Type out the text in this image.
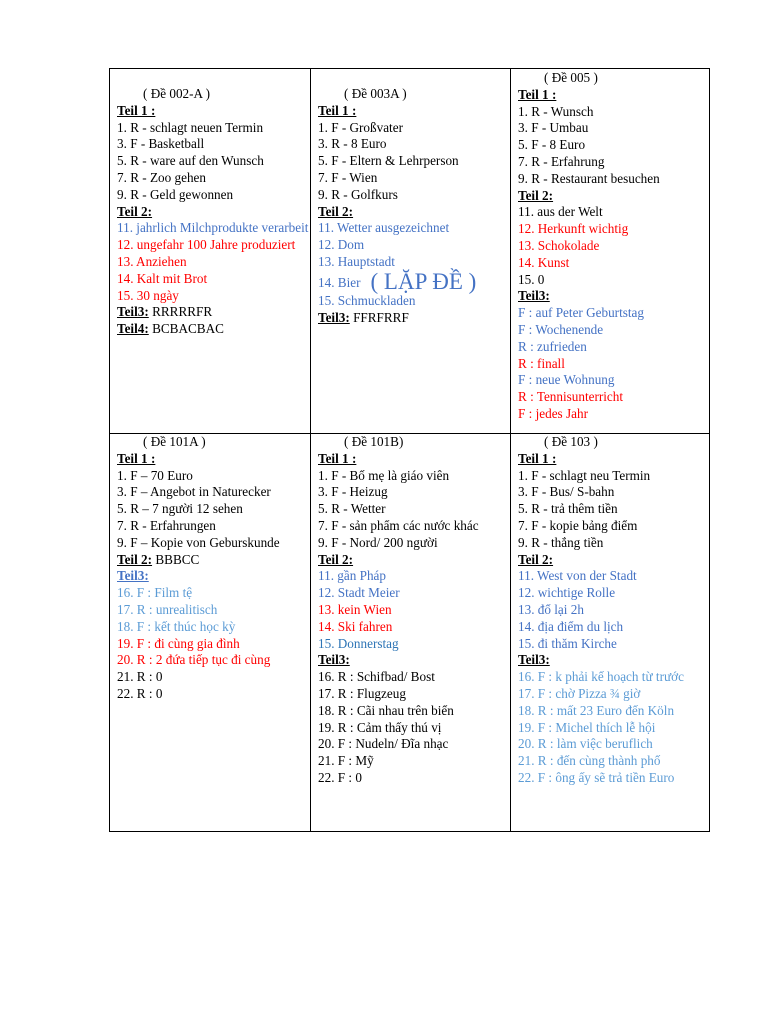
( Đề 002-A )
Teil 1 :
1. R - schlagt neuen Termin
3. F - Basketball
5. R - ware auf den Wunsch
7. R - Zoo gehen
9. R - Geld gewonnen
Teil 2:
11. jahrlich Milchprodukte verarbeit
12. ungefahr 100 Jahre produziert
13. Anziehen
14. Kalt mit Brot
15. 30 ngày
Teil3: RRRRRFR
Teil4: BCBACBAC
( Đề 003A )
Teil 1 :
1. F - Großvater
3. R - 8 Euro
5. F - Eltern & Lehrperson
7. F - Wien
9. R - Golfkurs
Teil 2:
11. Wetter ausgezeichnet
12. Dom
13. Hauptstadt
14. Bier ( LẶP ĐỀ )
15. Schmuckladen
Teil3: FFRFRRF
( Đề 005 )
Teil 1 :
1. R - Wunsch
3. F - Umbau
5. F - 8 Euro
7. R - Erfahrung
9. R - Restaurant besuchen
Teil 2:
11. aus der Welt
12. Herkunft wichtig
13. Schokolade
14. Kunst
15. 0
Teil3:
F : auf Peter Geburtstag
F : Wochenende
R : zufrieden
R : finall
F : neue Wohnung
R : Tennisunterricht
F : jedes Jahr
( Đề 101A )
Teil 1 :
1. F – 70 Euro
3. F – Angebot in Naturecker
5. R – 7 người 12 sehen
7. R - Erfahrungen
9. F – Kopie von Geburskunde
Teil 2: BBBCC
Teil3:
16. F : Film tệ
17. R : unrealitisch
18. F : kết thúc học kỳ
19. F : đi cùng gia đình
20. R : 2 đứa tiếp tục đi cùng
21. R : 0
22. R : 0
( Đề 101B)
Teil 1 :
1. F - Bố mẹ là giáo viên
3. F - Heizug
5. R - Wetter
7. F - sản phẩm các nước khác
9. F - Nord/ 200 người
Teil 2:
11. gần Pháp
12. Stadt Meier
13. kein Wien
14. Ski fahren
15. Donnerstag
Teil3:
16. R : Schifbad/ Bost
17. R : Flugzeug
18. R : Cãi nhau trên biển
19. R : Cảm thấy thú vị
20. F : Nudeln/ Đĩa nhạc
21. F : Mỹ
22. F : 0
( Đề 103 )
Teil 1 :
1. F - schlagt neu Termin
3. F - Bus/ S-bahn
5. R - trả thêm tiền
7. F - kopie bảng điểm
9. R - thắng tiền
Teil 2:
11. West von der Stadt
12. wichtige Rolle
13. đổ lại 2h
14. địa điểm du lịch
15. đi thăm Kirche
Teil3:
16. F : k phải kế hoạch từ trước
17. F : chờ Pizza ¾ giờ
18. R : mất 23 Euro đến Köln
19. F : Michel thích lễ hội
20. R : làm việc beruflich
21. R : đến cùng thành phố
22. F : ông ấy sẽ trả tiền Euro
